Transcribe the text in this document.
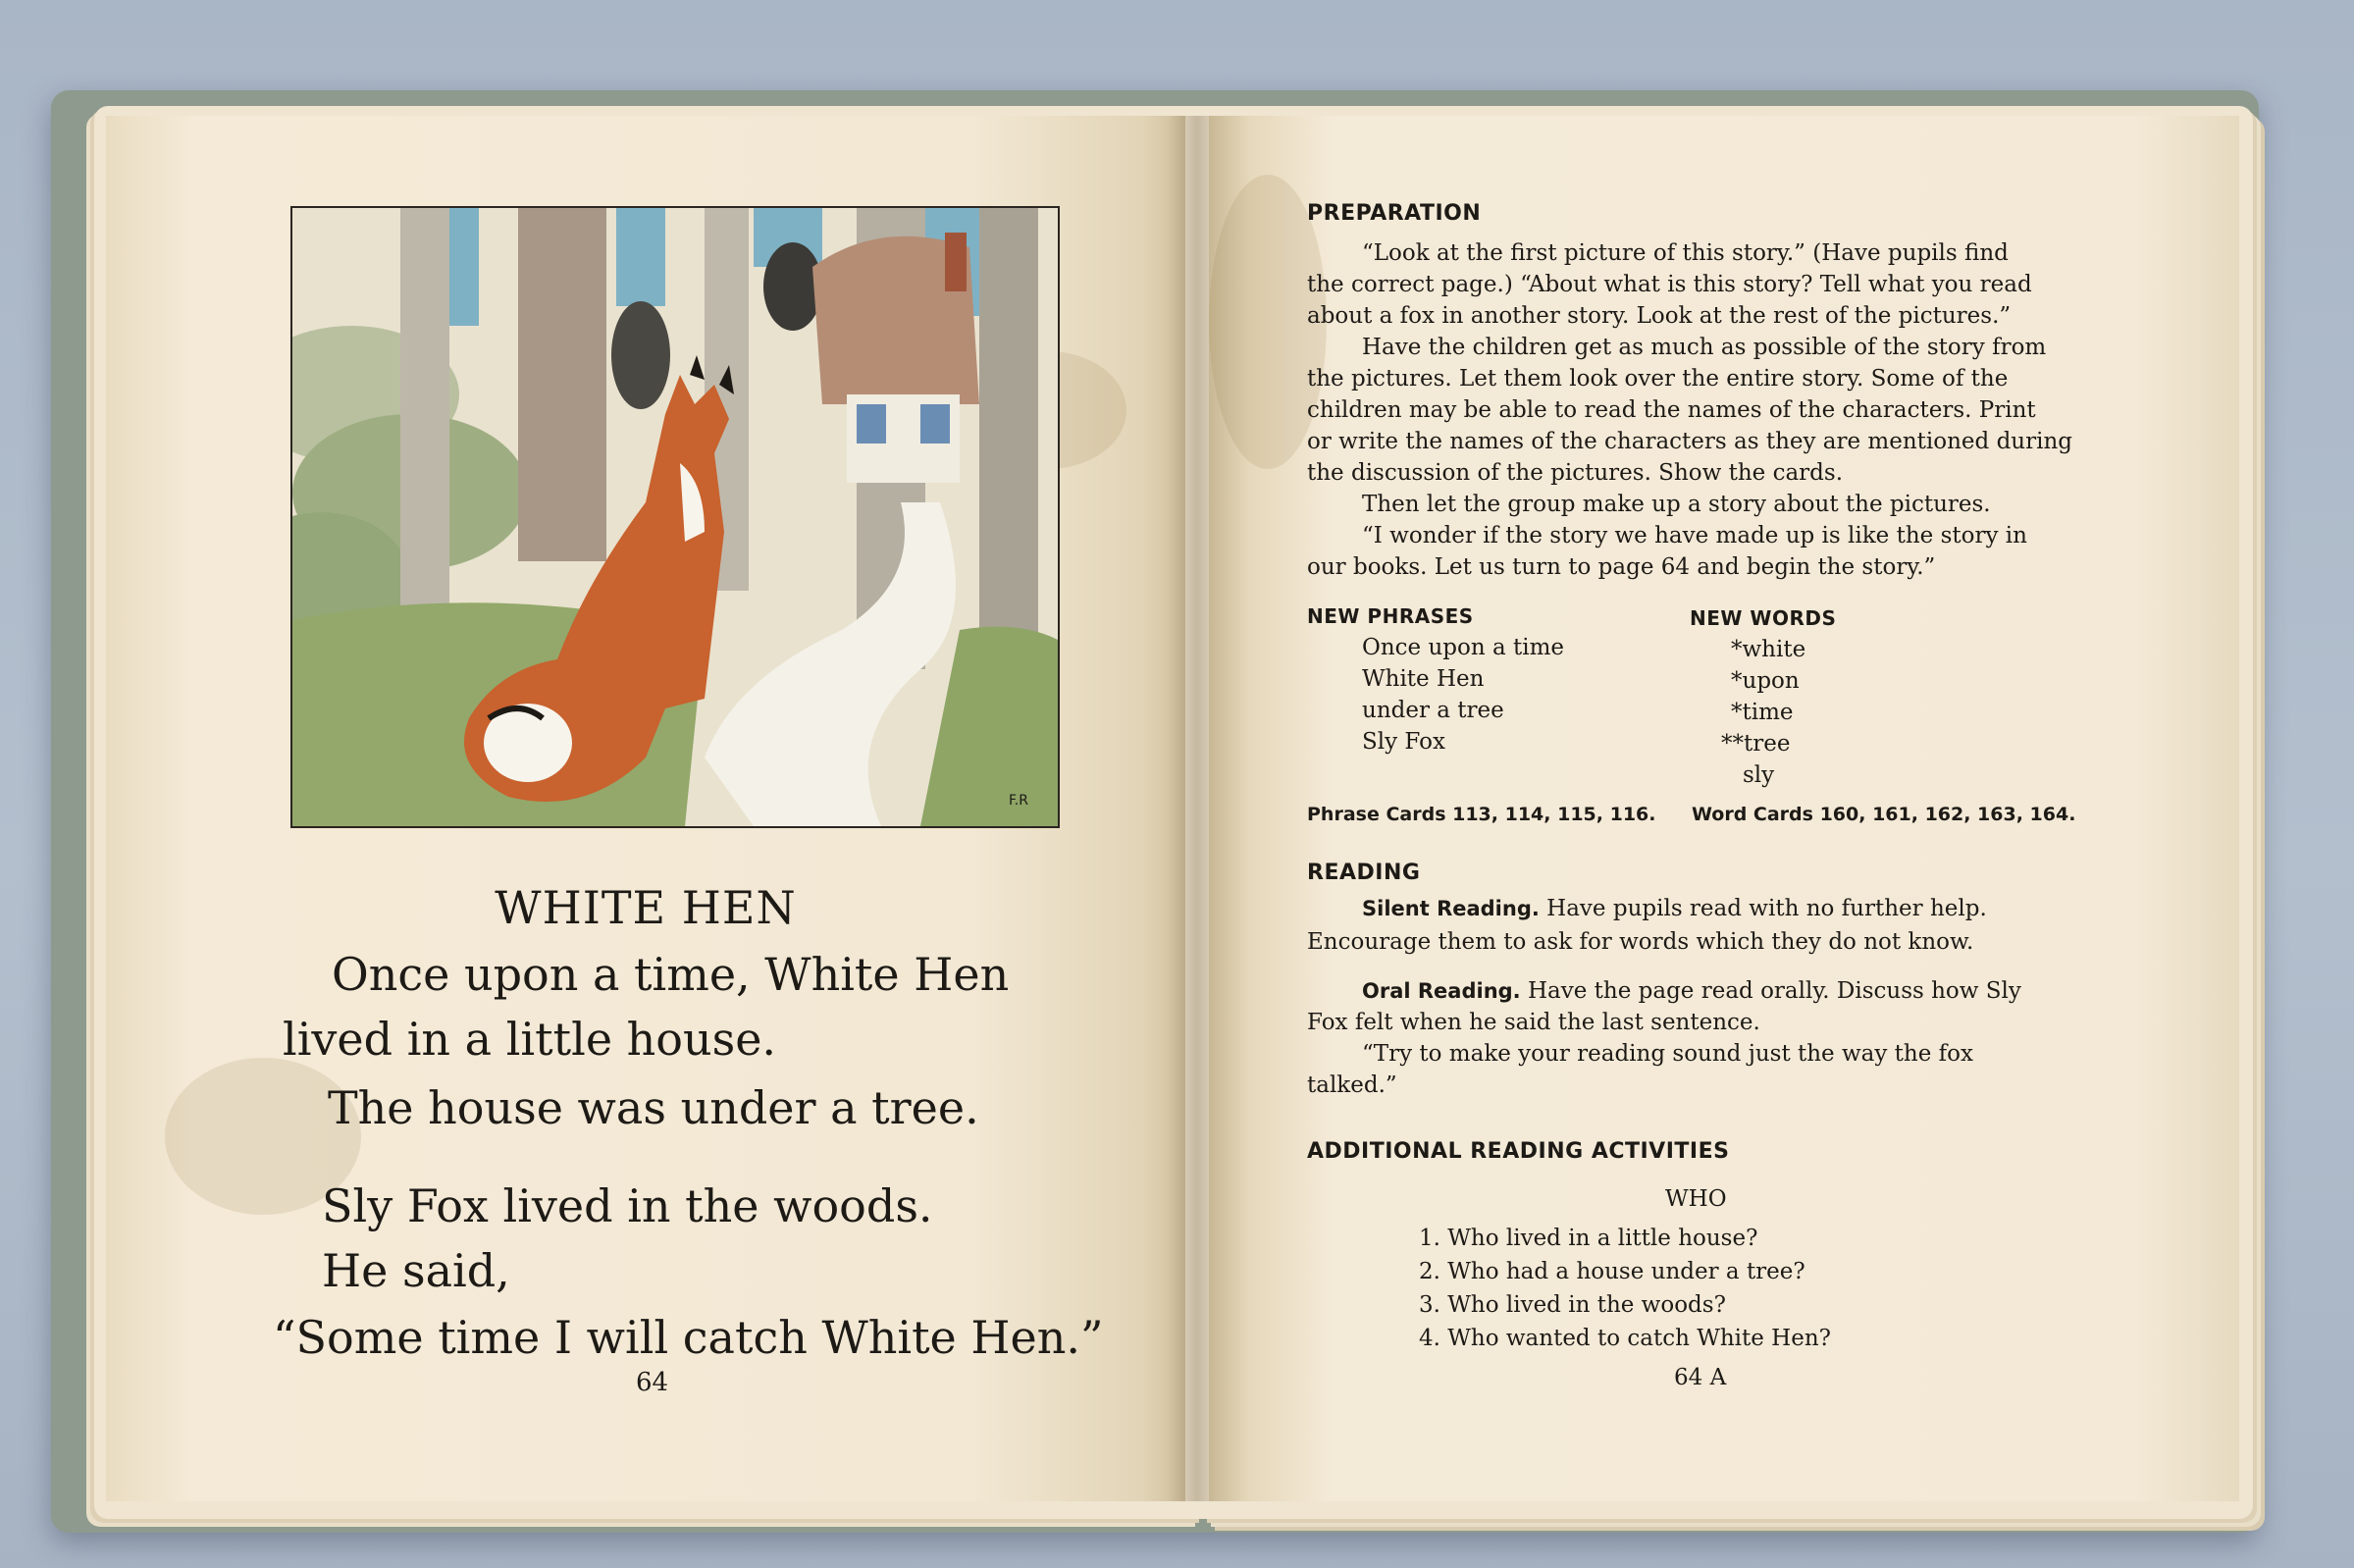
F.R
WHITE HEN
Once upon a time, White Hen
lived in a little house.
The house was under a tree.
Sly Fox lived in the woods.
He said,
“Some time I will catch White Hen.”
64
PREPARATION
“Look at the first picture of this story.” (Have pupils find
the correct page.) “About what is this story? Tell what you read
about a fox in another story. Look at the rest of the pictures.”
Have the children get as much as possible of the story from
the pictures. Let them look over the entire story. Some of the
children may be able to read the names of the characters. Print
or write the names of the characters as they are mentioned during
the discussion of the pictures. Show the cards.
Then let the group make up a story about the pictures.
“I wonder if the story we have made up is like the story in
our books. Let us turn to page 64 and begin the story.”
NEW PHRASES	NEW WORDS
Once upon a time
White Hen
under a tree
Sly Fox
*white
*upon
*time
**tree
sly
Phrase Cards 113, 114, 115, 116. Word Cards 160, 161, 162, 163, 164.
READING
Silent Reading. Have pupils read with no further help.
Encourage them to ask for words which they do not know.
Oral Reading. Have the page read orally. Discuss how Sly
Fox felt when he said the last sentence.
“Try to make your reading sound just the way the fox
talked.”
ADDITIONAL READING ACTIVITIES
WHO
1. Who lived in a little house?
2. Who had a house under a tree?
3. Who lived in the woods?
4. Who wanted to catch White Hen?
64 A
